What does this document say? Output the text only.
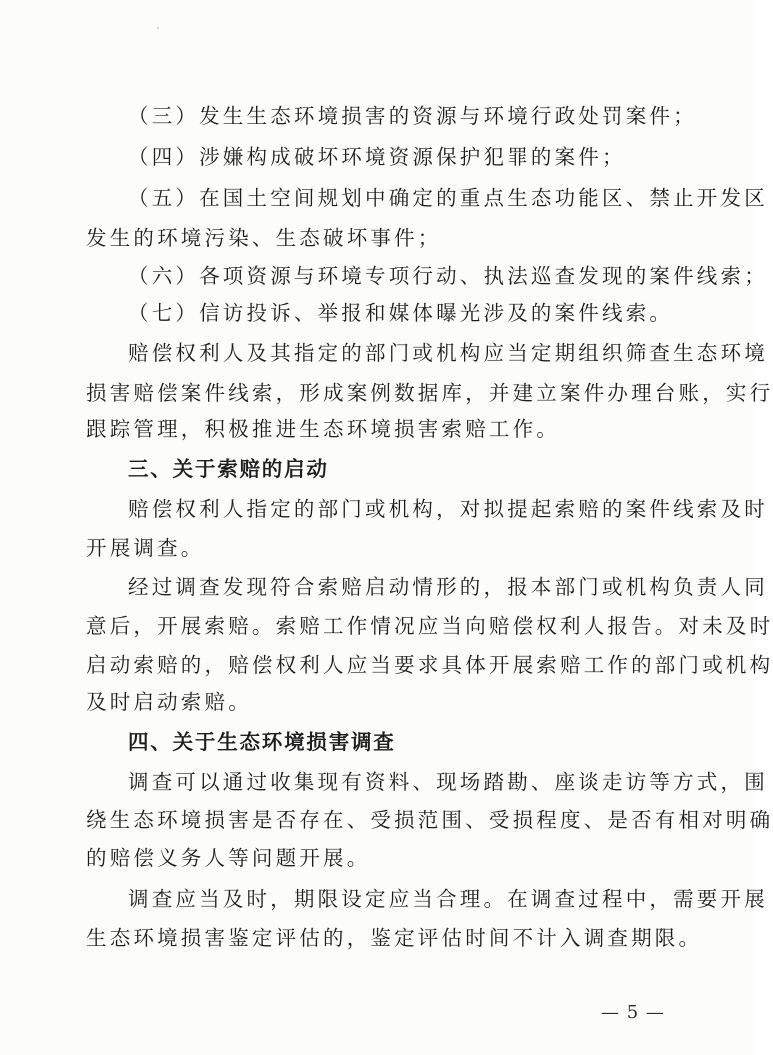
（三）发生生态环境损害的资源与环境行政处罚案件；
（四）涉嫌构成破坏环境资源保护犯罪的案件；
（五）在国土空间规划中确定的重点生态功能区、禁止开发区
发生的环境污染、生态破坏事件；
（六）各项资源与环境专项行动、执法巡查发现的案件线索；
（七）信访投诉、举报和媒体曝光涉及的案件线索。
赔偿权利人及其指定的部门或机构应当定期组织筛查生态环境
损害赔偿案件线索，形成案例数据库，并建立案件办理台账，实行
跟踪管理，积极推进生态环境损害索赔工作。
三、关于索赔的启动
赔偿权利人指定的部门或机构，对拟提起索赔的案件线索及时
开展调查。
经过调查发现符合索赔启动情形的，报本部门或机构负责人同
意后，开展索赔。索赔工作情况应当向赔偿权利人报告。对未及时
启动索赔的，赔偿权利人应当要求具体开展索赔工作的部门或机构
及时启动索赔。
四、关于生态环境损害调查
调查可以通过收集现有资料、现场踏勘、座谈走访等方式，围
绕生态环境损害是否存在、受损范围、受损程度、是否有相对明确
的赔偿义务人等问题开展。
调查应当及时，期限设定应当合理。在调查过程中，需要开展
生态环境损害鉴定评估的，鉴定评估时间不计入调查期限。
— 5 —
